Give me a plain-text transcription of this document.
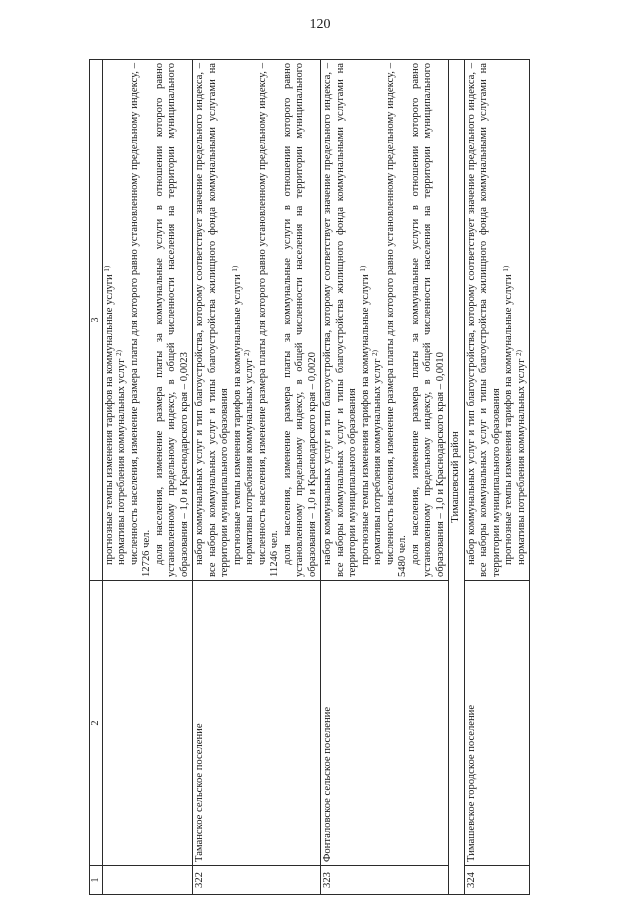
120
1	2	3

		прогнозные темпы изменения тарифов на коммунальные услуги $^{1)}$

нормативы потребления коммунальных услуг $^{2)}$ численность населения, изменение размера платы для которого равно установленному предельному индексу, – 12726 чел. доля населения, изменение размера платы за коммунальные услуги в отношении которого равно установленному предельному индексу, в общей численности населения на территории муниципального образования – 1,0 и Краснодарского края – 0,0023

322	Таманское сельское поселение	набор коммунальных услуг и тип благоустройства, которому соответствует значение предельного индекса, – все наборы коммунальных услуг и типы благоустройства жилищного фонда коммунальными услугами на территории муниципального образования прогнозные темпы изменения тарифов на коммунальные услуги $^{1)}$

нормативы потребления коммунальных услуг $^{2)}$ численность населения, изменение размера платы для которого равно установленному предельному индексу, – 11246 чел. доля населения, изменение размера платы за коммунальные услуги в отношении которого равно установленному предельному индексу, в общей численности населения на территории муниципального образования – 1,0 и Краснодарского края – 0,0020

323	Фонталовское сельское поселение	набор коммунальных услуг и тип благоустройства, которому соответствует значение предельного индекса, – все наборы коммунальных услуг и типы благоустройства жилищного фонда коммунальными услугами на территории муниципального образования прогнозные темпы изменения тарифов на коммунальные услуги $^{1)}$

нормативы потребления коммунальных услуг $^{2)}$ численность населения, изменение размера платы для которого равно установленному предельному индексу, – 5480 чел. доля населения, изменение размера платы за коммунальные услуги в отношении которого равно установленному предельному индексу, в общей численности населения на территории муниципального образования – 1,0 и Краснодарского края – 0,0010

Тимашевский район		
324	Тимашевское городское поселение	набор коммунальных услуг и тип благоустройства, которому соответствует значение предельного индекса, – все наборы коммунальных услуг и типы благоустройства жилищного фонда коммунальными услугами на территории муниципального образования прогнозные темпы изменения тарифов на коммунальные услуги $^{1)}$

нормативы потребления коммунальных услуг $^{2)}$
